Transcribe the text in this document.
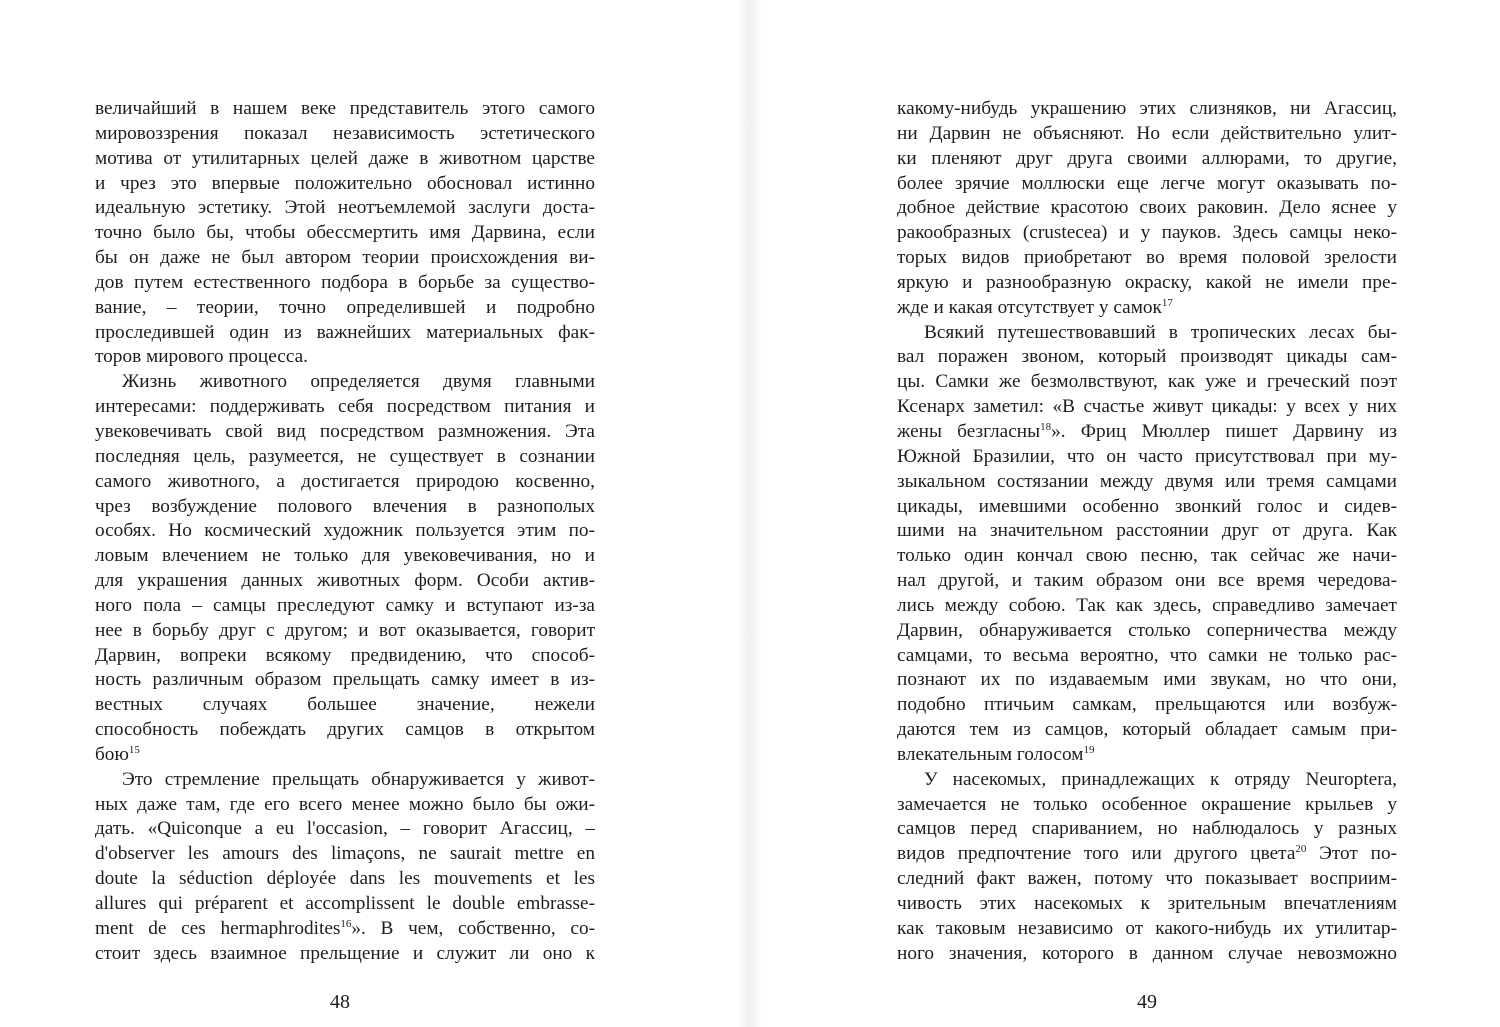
величайший в нашем веке представитель этого самого
мировоззрения показал независимость эстетического
мотива от утилитарных целей даже в животном царстве
и чрез это впервые положительно обосновал истинно
идеальную эстетику. Этой неотъемлемой заслуги доста-
точно было бы, чтобы обессмертить имя Дарвина, если
бы он даже не был автором теории происхождения ви-
дов путем естественного подбора в борьбе за существо-
вание, – теории, точно определившей и подробно
проследившей один из важнейших материальных фак-
торов мирового процесса.
Жизнь животного определяется двумя главными
интересами: поддерживать себя посредством питания и
увековечивать свой вид посредством размножения. Эта
последняя цель, разумеется, не существует в сознании
самого животного, а достигается природою косвенно,
чрез возбуждение полового влечения в разнополых
особях. Но космический художник пользуется этим по-
ловым влечением не только для увековечивания, но и
для украшения данных животных форм. Особи актив-
ного пола – самцы преследуют самку и вступают из-за
нее в борьбу друг с другом; и вот оказывается, говорит
Дарвин, вопреки всякому предвидению, что способ-
ность различным образом прельщать самку имеет в из-
вестных случаях большее значение, нежели
способность побеждать других самцов в открытом
бою$^{15}$
Это стремление прельщать обнаруживается у живот-
ных даже там, где его всего менее можно было бы ожи-
дать. «Quiconque a eu l'occasion, – говорит Агассиц, –
d'observer les amours des limaçons, ne saurait mettre en
doute la séduction déployée dans les mouvements et les
allures qui préparent et accomplissent le double embrasse-
ment de ces hermaphrodites$^{16}$». В чем, собственно, со-
стоит здесь взаимное прельщение и служит ли оно к
48
какому-нибудь украшению этих слизняков, ни Агассиц,
ни Дарвин не объясняют. Но если действительно улит-
ки пленяют друг друга своими аллюрами, то другие,
более зрячие моллюски еще легче могут оказывать по-
добное действие красотою своих раковин. Дело яснее у
ракообразных (crustecea) и у пауков. Здесь самцы неко-
торых видов приобретают во время половой зрелости
яркую и разнообразную окраску, какой не имели пре-
жде и какая отсутствует у самок$^{17}$
Всякий путешествовавший в тропических лесах бы-
вал поражен звоном, который производят цикады сам-
цы. Самки же безмолвствуют, как уже и греческий поэт
Ксенарх заметил: «В счастье живут цикады: у всех у них
жены безгласны$^{18}$». Фриц Мюллер пишет Дарвину из
Южной Бразилии, что он часто присутствовал при му-
зыкальном состязании между двумя или тремя самцами
цикады, имевшими особенно звонкий голос и сидев-
шими на значительном расстоянии друг от друга. Как
только один кончал свою песню, так сейчас же начи-
нал другой, и таким образом они все время чередова-
лись между собою. Так как здесь, справедливо замечает
Дарвин, обнаруживается столько соперничества между
самцами, то весьма вероятно, что самки не только рас-
познают их по издаваемым ими звукам, но что они,
подобно птичьим самкам, прельщаются или возбуж-
даются тем из самцов, который обладает самым при-
влекательным голосом$^{19}$
У насекомых, принадлежащих к отряду Neuroptera,
замечается не только особенное окрашение крыльев у
самцов перед спариванием, но наблюдалось у разных
видов предпочтение того или другого цвета$^{20}$ Этот по-
следний факт важен, потому что показывает восприим-
чивость этих насекомых к зрительным впечатлениям
как таковым независимо от какого-нибудь их утилитар-
ного значения, которого в данном случае невозможно
49
